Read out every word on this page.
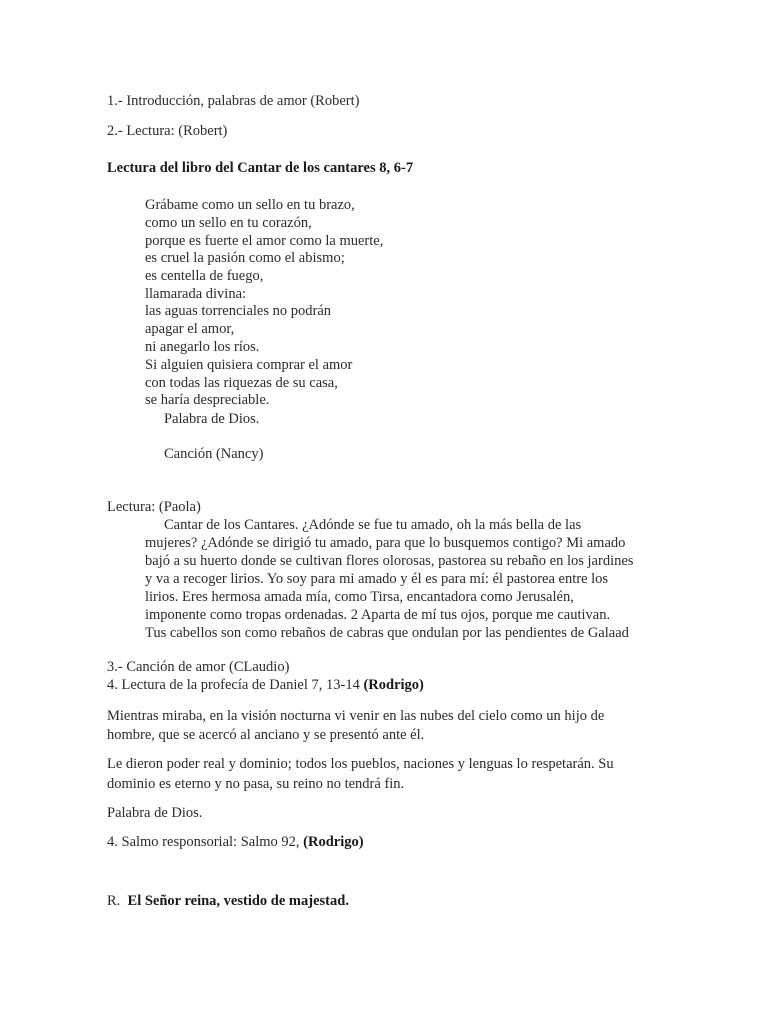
1.- Introducción, palabras de amor (Robert)
2.- Lectura: (Robert)
Lectura del libro del Cantar de los cantares 8, 6-7
Grábame como un sello en tu brazo,
como un sello en tu corazón,
porque es fuerte el amor como la muerte,
es cruel la pasión como el abismo;
es centella de fuego,
llamarada divina:
las aguas torrenciales no podrán
apagar el amor,
ni anegarlo los ríos.
Si alguien quisiera comprar el amor
con todas las riquezas de su casa,
se haría despreciable.
Palabra de Dios.
Canción (Nancy)
Lectura: (Paola)
Cantar de los Cantares. ¿Adónde se fue tu amado, oh la más bella de las
mujeres? ¿Adónde se dirigió tu amado, para que lo busquemos contigo? Mi amado
bajó a su huerto donde se cultivan flores olorosas, pastorea su rebaño en los jardines
y va a recoger lirios. Yo soy para mi amado y él es para mí: él pastorea entre los
lirios. Eres hermosa amada mía, como Tirsa, encantadora como Jerusalén,
imponente como tropas ordenadas. 2 Aparta de mí tus ojos, porque me cautivan.
Tus cabellos son como rebaños de cabras que ondulan por las pendientes de Galaad
3.- Canción de amor (CLaudio)
4. Lectura de la profecía de Daniel 7, 13-14 (Rodrigo)
Mientras miraba, en la visión nocturna vi venir en las nubes del cielo como un hijo de
hombre, que se acercó al anciano y se presentó ante él.
Le dieron poder real y dominio; todos los pueblos, naciones y lenguas lo respetarán. Su
dominio es eterno y no pasa, su reino no tendrá fin.
Palabra de Dios.
4. Salmo responsorial: Salmo 92, (Rodrigo)
R.  El Señor reina, vestido de majestad.
